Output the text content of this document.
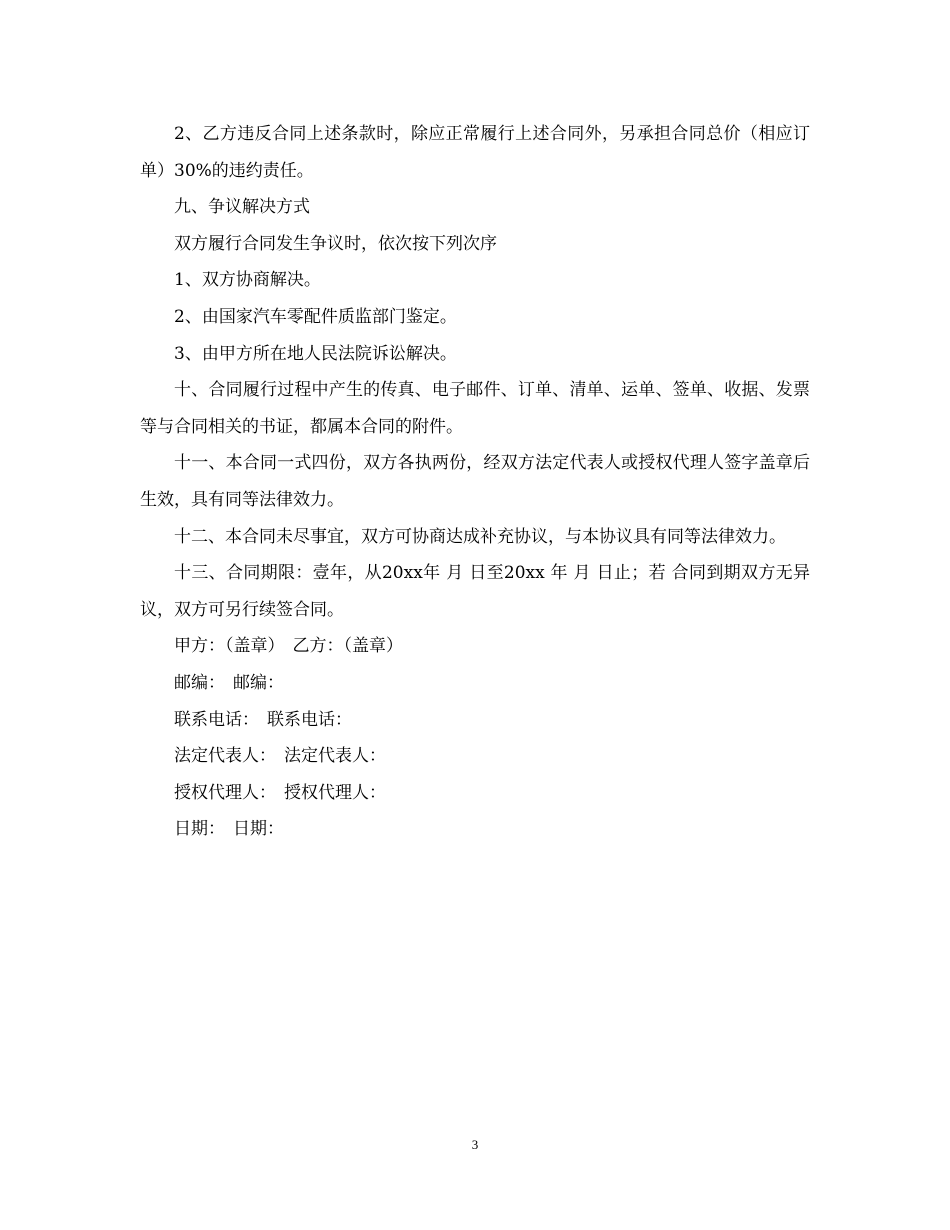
2、乙方违反合同上述条款时，除应正常履行上述合同外，另承担合同总价（相应订单）30%的违约责任。

九、争议解决方式

双方履行合同发生争议时，依次按下列次序

1、双方协商解决。

2、由国家汽车零配件质监部门鉴定。

3、由甲方所在地人民法院诉讼解决。

十、合同履行过程中产生的传真、电子邮件、订单、清单、运单、签单、收据、发票等与合同相关的书证，都属本合同的附件。

十一、本合同一式四份，双方各执两份，经双方法定代表人或授权代理人签字盖章后生效，具有同等法律效力。

十二、本合同未尽事宜，双方可协商达成补充协议，与本协议具有同等法律效力。

十三、合同期限：壹年，从20xx年 月 日至20xx 年 月 日止；若 合同到期双方无异议，双方可另行续签合同。

甲方：（盖章） 乙方：（盖章）
邮编： 邮编：
联系电话： 联系电话：
法定代表人： 法定代表人：
授权代理人： 授权代理人：
日期： 日期：
3
